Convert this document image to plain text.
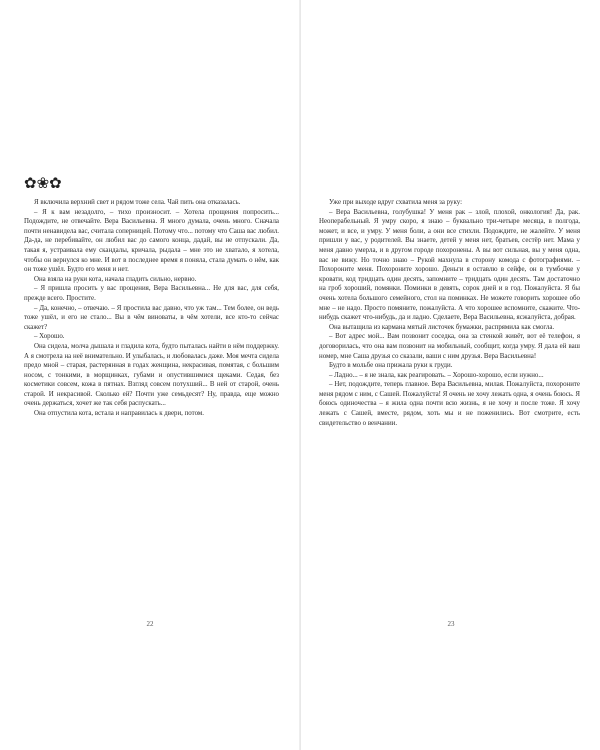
✿❀✿

Я включила верхний свет и рядом тоже села. Чай пить она отказалась.

– Я к вам незадолго, – тихо произносит. – Хотела прощения попросить... Подождите, не отвечайте. Вера Васильевна. Я много думала, очень много. Сначала почти ненавидела вас, считала соперницей. Потому что... потому что Саша вас любил. Да-да, не перебивайте, он любил вас до самого конца, дадай, вы не отпускали. Да, такая я, устраивала ему скандалы, кричала, рыдала – мне это не хватало, я хотела, чтобы он вернулся ко мне. И вот в последнее время я поняла, стала думать о нём, как он тоже ушёл. Будто его меня и нет.

Она взяла на руки кота, начала гладить сильно, нервно.

– Я пришла просить у вас прощения, Вера Васильевна... Не для вас, для себя, прежде всего. Простите.

– Да, конечно, – отвечаю. – Я простила вас давно, что уж там... Тем более, он ведь тоже ушёл, и его не стало... Вы в чём виноваты, в чём хотели, все кто-то сейчас скажет?

– Хорошо.

Она сидела, молча дышала и гладила кота, будто пыталась найти в нём поддержку. А я смотрела на неё внимательно. И улыбалась, и любовалась даже. Моя мечта сидела предо мной – старая, растерянная в годах женщина, некрасивая, помятая, с большим носом, с тонкими, в морщинках, губами и опустившимися щеками. Седая, без косметики совсем, кожа в пятнах. Взгляд совсем потухший... В ней от старой, очень старой. И некрасивой. Сколько ей? Почти уже семьдесят? Ну, правда, еще можно очень держаться, хочет же так себя распускать...

Она отпустила кота, встала и направилась к двери, потом.

22

Уже при выходе вдруг схватила меня за руку:

– Вера Васильевна, голубушка! У меня рак – злой, плохой, онкология! Да, рак. Неоперабельный. Я умру скоро, я знаю – буквально три-четыре месяца, в полгода, может, и все, и умру. У меня боли, а они все стихли. Подождите, не жалейте. У меня пришли у вас, у родителей. Вы знаете, детей у меня нет, братьев, сестёр нет. Мама у меня давно умерла, и в другом городе похоронены. А вы вот сильная, вы у меня одна, вас не вижу. Но точно знаю – Рукой махнула в сторону комода с фотографиями. – Похороните меня. Похороните хорошо. Деньги я оставлю в сейфе, он в тумбочке у кровати, код тридцать один десять, запомните – тридцать один десять. Там достаточно на гроб хороший, помянки. Поминки в девять, сорок дней и в год. Пожалуйста. Я бы очень хотела большого семейного, стол на поминках. Не можете говорить хорошее обо мне – не надо. Просто помяните, пожалуйста. А что хорошее вспомните, скажите. Что-нибудь скажет что-нибудь, да и ладно. Сделаете, Вера Васильевна, ясжалуйста, добрая.

Она вытащила из кармана мятый листочек бумажки, распрямила как смогла.

– Вот адрес мой... Вам позвонит соседка, она за стенкой живёт, вот её телефон, я договорилась, что она вам позвонит на мобильный, сообщит, когда умру. Я дала ей ваш номер, мне Саша друзья со сказали, ваши с ним друзья. Вера Васильевна!

Будто в мольбе она прижала руки к груди.

– Ладно... – я не знала, как реагировать. – Хорошо-хорошо, если нужно...

– Нет, подождите, теперь главное. Вера Васильевна, милая. Пожалуйста, похороните меня рядом с ним, с Сашей. Пожалуйста! Я очень не хочу лежать одна, я очень боюсь. Я боюсь одиночества – я жила одна почти всю жизнь, я не хочу и после тоже. Я хочу лежать с Сашей, вместе, рядом, хоть мы и не поженились. Вот смотрите, есть свидетельство о венчании.

23
